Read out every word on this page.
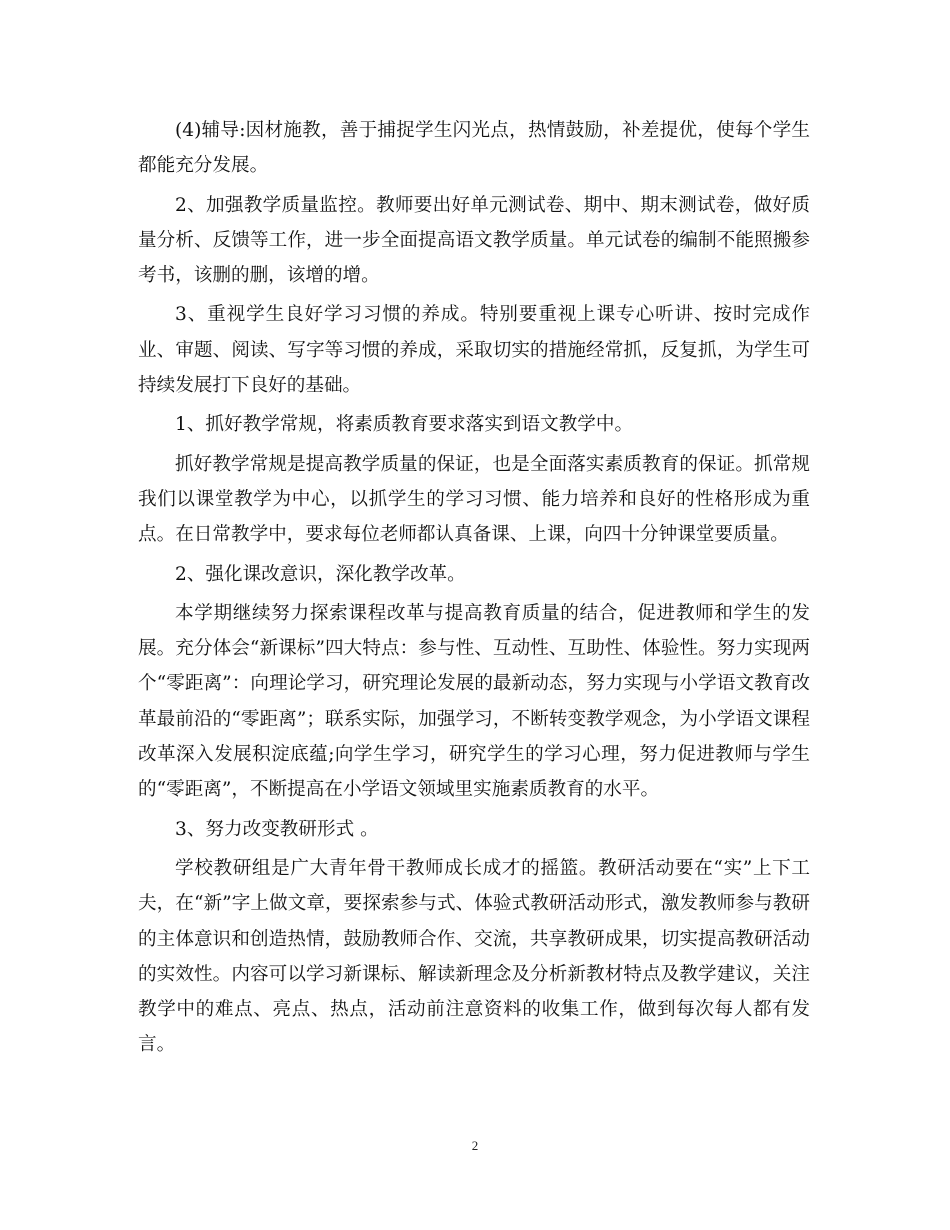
(4)辅导:因材施教，善于捕捉学生闪光点，热情鼓励，补差提优，使每个学生都能充分发展。

2、加强教学质量监控。教师要出好单元测试卷、期中、期末测试卷，做好质量分析、反馈等工作，进一步全面提高语文教学质量。单元试卷的编制不能照搬参考书，该删的删，该增的增。

3、重视学生良好学习习惯的养成。特别要重视上课专心听讲、按时完成作业、审题、阅读、写字等习惯的养成，采取切实的措施经常抓，反复抓，为学生可持续发展打下良好的基础。

1、抓好教学常规，将素质教育要求落实到语文教学中。

抓好教学常规是提高教学质量的保证，也是全面落实素质教育的保证。抓常规我们以课堂教学为中心，以抓学生的学习习惯、能力培养和良好的性格形成为重点。在日常教学中，要求每位老师都认真备课、上课，向四十分钟课堂要质量。

2、强化课改意识，深化教学改革。

本学期继续努力探索课程改革与提高教育质量的结合，促进教师和学生的发展。充分体会“新课标”四大特点：参与性、互动性、互助性、体验性。努力实现两个“零距离”：向理论学习，研究理论发展的最新动态，努力实现与小学语文教育改革最前沿的“零距离”；联系实际，加强学习，不断转变教学观念，为小学语文课程改革深入发展积淀底蕴;向学生学习，研究学生的学习心理，努力促进教师与学生的“零距离”，不断提高在小学语文领域里实施素质教育的水平。

3、努力改变教研形式 。

学校教研组是广大青年骨干教师成长成才的摇篮。教研活动要在“实”上下工夫，在“新”字上做文章，要探索参与式、体验式教研活动形式，激发教师参与教研的主体意识和创造热情，鼓励教师合作、交流，共享教研成果，切实提高教研活动的实效性。内容可以学习新课标、解读新理念及分析新教材特点及教学建议，关注教学中的难点、亮点、热点，活动前注意资料的收集工作，做到每次每人都有发言。

2
